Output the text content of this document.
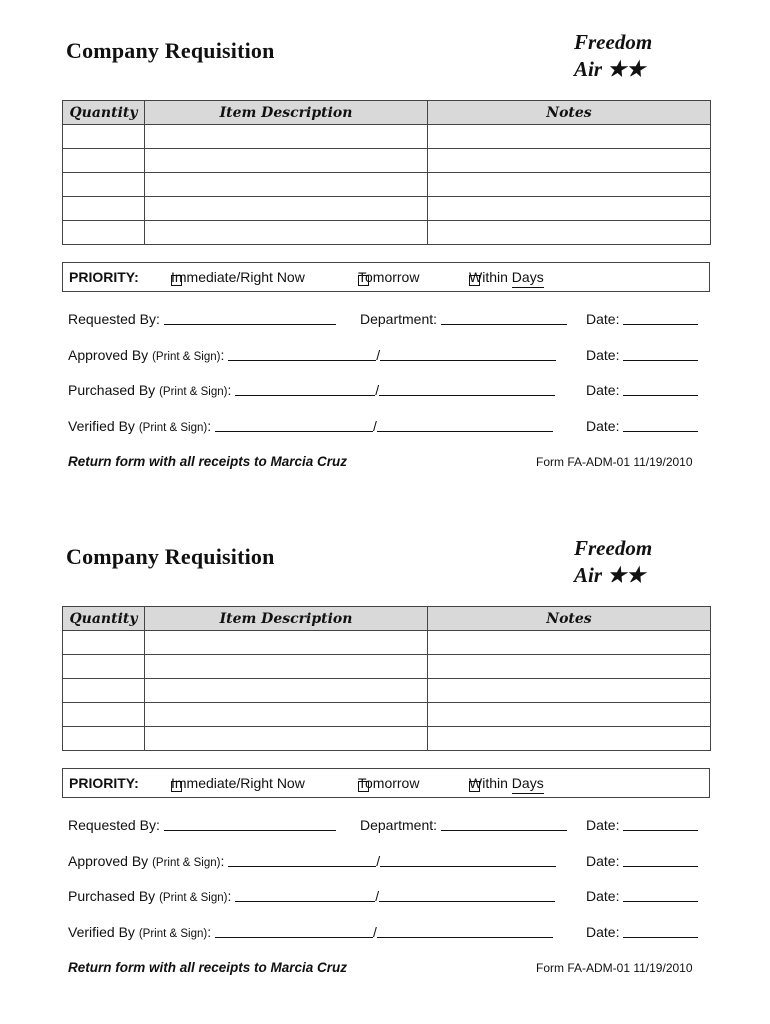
Company Requisition	Freedom
Air ★★
Quantity	Item Description	Notes

PRIORITY: Immediate/Right Now	Tomorrow	Within Days
Requested By:	Department:	Date:
Approved By (Print & Sign):	/	Date:
Purchased By (Print & Sign):	/	Date:
Verified By (Print & Sign):	/	Date:
Return form with all receipts to Marcia Cruz	Form FA-ADM-01 11/19/2010
Company Requisition	Freedom
Air ★★
Quantity	Item Description	Notes

PRIORITY: Immediate/Right Now	Tomorrow	Within Days
Requested By:	Department:	Date:
Approved By (Print & Sign):	/	Date:
Purchased By (Print & Sign):	/	Date:
Verified By (Print & Sign):	/	Date:
Return form with all receipts to Marcia Cruz	Form FA-ADM-01 11/19/2010
